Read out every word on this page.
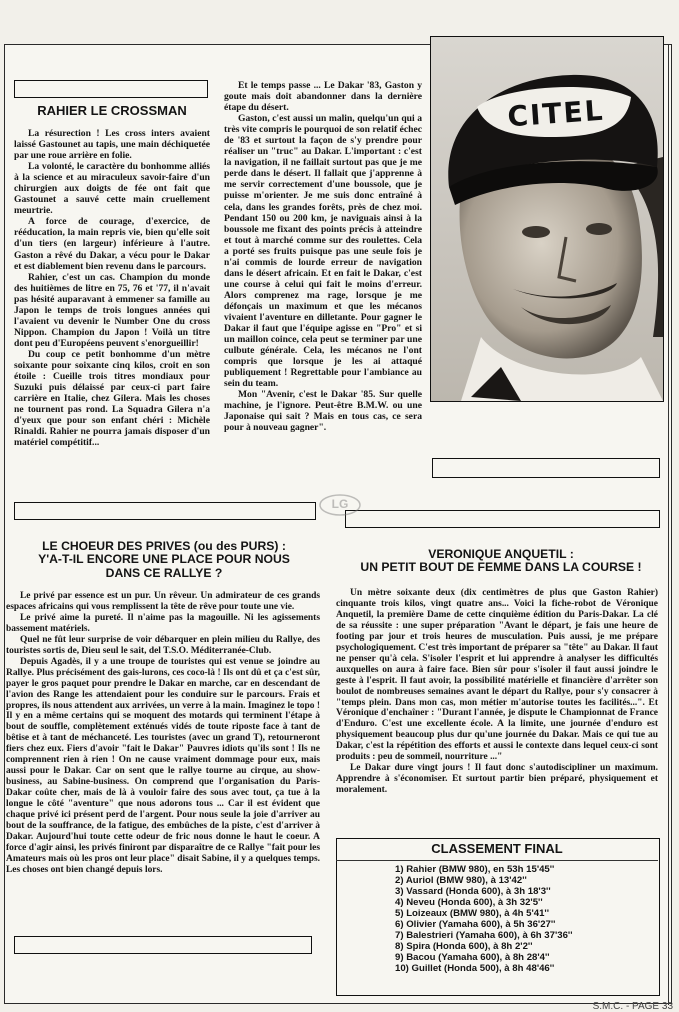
RAHIER LE CROSSMAN

La résurection ! Les cross inters avaient laissé Gastounet au tapis, une main déchiquetée par une roue arrière en folie.

La volonté, le caractère du bonhomme alliés à la science et au miraculeux savoir-faire d'un chirurgien aux doigts de fée ont fait que Gastounet a sauvé cette main cruellement meurtrie.

A force de courage, d'exercice, de rééducation, la main repris vie, bien qu'elle soit d'un tiers (en largeur) inférieure à l'autre. Gaston a rêvé du Dakar, a vécu pour le Dakar et est diablement bien revenu dans le parcours.

Rahier, c'est un cas. Champion du monde des huitièmes de litre en 75, 76 et '77, il n'avait pas hésité auparavant à emmener sa famille au Japon le temps de trois longues années qui l'avaient vu devenir le Number One du cross Nippon. Champion du Japon ! Voilà un titre dont peu d'Européens peuvent s'enorgueillir!

Du coup ce petit bonhomme d'un mètre soixante pour soixante cinq kilos, croit en son étoile : Cueille trois titres mondiaux pour Suzuki puis délaissé par ceux-ci part faire carrière en Italie, chez Gilera. Mais les choses ne tournent pas rond. La Squadra Gilera n'a d'yeux que pour son enfant chéri : Michèle Rinaldi. Rahier ne pourra jamais disposer d'un matériel compétitif...

Et le temps passe ... Le Dakar '83, Gaston y goute mais doit abandonner dans la dernière étape du désert.

Gaston, c'est aussi un malin, quelqu'un qui a très vite compris le pourquoi de son relatif échec de '83 et surtout la façon de s'y prendre pour réaliser un "truc" au Dakar. L'important : c'est la navigation, il ne faillait surtout pas que je me perde dans le désert. Il fallait que j'apprenne à me servir correctement d'une boussole, que je puisse m'orienter. Je me suis donc entraîné à cela, dans les grandes forêts, près de chez moi. Pendant 150 ou 200 km, je naviguais ainsi à la boussole me fixant des points précis à atteindre et tout à marché comme sur des roulettes. Cela a porté ses fruits puisque pas une seule fois je n'ai commis de lourde erreur de navigation dans le désert africain. Et en fait le Dakar, c'est une course à celui qui fait le moins d'erreur. Alors comprenez ma rage, lorsque je me défonçais un maximum et que les mécanos vivaient l'aventure en dilletante. Pour gagner le Dakar il faut que l'équipe agisse en "Pro" et si un maillon coince, cela peut se terminer par une culbute générale. Cela, les mécanos ne l'ont compris que lorsque je les ai attaqué publiquement ! Regrettable pour l'ambiance au sein du team.

Mon "Avenir, c'est le Dakar '85. Sur quelle machine, je l'ignore. Peut-être B.M.W. ou une Japonaise qui sait ? Mais en tous cas, ce sera pour à nouveau gagner".

CITEL
LG
LE CHOEUR DES PRIVES (ou des PURS) :
Y'A-T-IL ENCORE UNE PLACE POUR NOUS
DANS CE RALLYE ?

Le privé par essence est un pur. Un rêveur. Un admirateur de ces grands espaces africains qui vous remplissent la tête de rêve pour toute une vie.

Le privé aime la pureté. Il n'aime pas la magouille. Ni les agissements bassement matériels.

Quel ne fût leur surprise de voir débarquer en plein milieu du Rallye, des touristes sortis de, Dieu seul le sait, del T.S.O. Méditerranée-Club.

Depuis Agadès, il y a une troupe de touristes qui est venue se joindre au Rallye. Plus précisément des gais-lurons, ces coco-là ! Ils ont dû et ça c'est sûr, payer le gros paquet pour prendre le Dakar en marche, car en descendant de l'avion des Range les attendaient pour les conduire sur le parcours. Frais et propres, ils nous attendent aux arrivées, un verre à la main. Imaginez le topo ! Il y en a même certains qui se moquent des motards qui terminent l'étape à bout de souffle, complètement exténués vidés de toute riposte face à tant de bêtise et à tant de méchanceté. Les touristes (avec un grand T), retourneront fiers chez eux. Fiers d'avoir "fait le Dakar" Pauvres idiots qu'ils sont ! Ils ne comprennent rien à rien ! On ne cause vraiment dommage pour eux, mais aussi pour le Dakar. Car on sent que le rallye tourne au cirque, au show-business, au Sabine-business. On comprend que l'organisation du Paris-Dakar coûte cher, mais de là à vouloir faire des sous avec tout, ça tue à la longue le côté "aventure" que nous adorons tous ... Car il est évident que chaque privé ici présent perd de l'argent. Pour nous seule la joie d'arriver au bout de la souffrance, de la fatigue, des embûches de la piste, c'est d'arriver à Dakar. Aujourd'hui toute cette odeur de fric nous donne le haut le coeur. A force d'agir ainsi, les privés finiront par disparaître de ce Rallye "fait pour les Amateurs mais où les pros ont leur place" disait Sabine, il y a quelques temps. Les choses ont bien changé depuis lors.

VERONIQUE ANQUETIL :
UN PETIT BOUT DE FEMME DANS LA COURSE !

Un mètre soixante deux (dix centimètres de plus que Gaston Rahier) cinquante trois kilos, vingt quatre ans... Voici la fiche-robot de Véronique Anquetil, la première Dame de cette cinquième édition du Paris-Dakar. La clé de sa réussite : une super préparation "Avant le départ, je fais une heure de footing par jour et trois heures de musculation. Puis aussi, je me prépare psychologiquement. C'est très important de préparer sa "tête" au Dakar. Il faut ne penser qu'à cela. S'isoler l'esprit et lui apprendre à analyser les difficultés auxquelles on aura à faire face. Bien sûr pour s'isoler il faut aussi joindre le geste à l'esprit. Il faut avoir, la possibilité matérielle et financière d'arrêter son boulot de nombreuses semaines avant le départ du Rallye, pour s'y consacrer à "temps plein. Dans mon cas, mon métier m'autorise toutes les facilités...". Et Véronique d'enchaîner : "Durant l'année, je dispute le Championnat de France d'Enduro. C'est une excellente école. A la limite, une journée d'enduro est physiquement beaucoup plus dur qu'une journée du Dakar. Mais ce qui tue au Dakar, c'est la répétition des efforts et aussi le contexte dans lequel ceux-ci sont produits : peu de sommeil, nourriture ..."

Le Dakar dure vingt jours ! Il faut donc s'autodiscipliner un maximum. Apprendre à s'économiser. Et surtout partir bien préparé, physiquement et moralement.

CLASSEMENT FINAL
1) Rahier (BMW 980), en 53h 15'45''
2) Auriol (BMW 980), à 13'42''
3) Vassard (Honda 600), à 3h 18'3''
4) Neveu (Honda 600), à 3h 32'5''
5) Loizeaux (BMW 980), à 4h 5'41''
6) Olivier (Yamaha 600), à 5h 36'27''
7) Balestrieri (Yamaha 600), à 6h 37'36''
8) Spira (Honda 600), à 8h 2'2''
9) Bacou (Yamaha 600), à 8h 28'4''
10) Guillet (Honda 500), à 8h 48'46''
S.M.C. - PAGE 33
